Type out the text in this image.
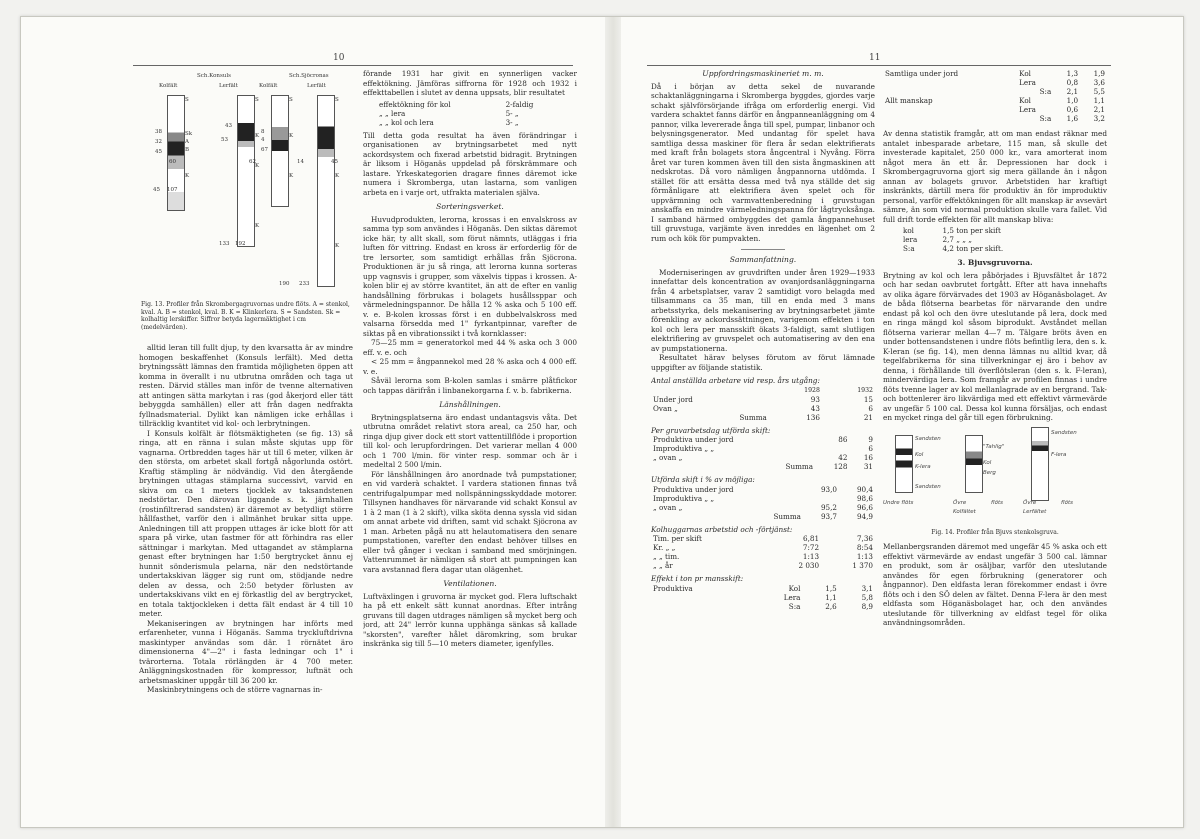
10
Sch.Konsuls	Sch.Sjöcronas
Kolfält	Lerfält	Kolfält	Lerfält
S	S	S	S
Sk
A
B
K
K
K
K	K
K
K
K
38
32
45
43
8
4
53
60
67
45
14
62	45
107
133 192
190 233
Fig. 13. Profiler från Skrombergagruvornas undre flöts. A = stenkol, kval. A. B = stenkol, kval. B. K = Klinkerlera. S = Sandsten. Sk = kolhaltig lerskiffer. Siffror betyda lagermäktighet i cm (medelvärden).

alltid leran till fullt djup, ty den kvarsatta är av mindre homogen beskaffenhet (Konsuls lerfält). Med detta brytningssätt lämnas den framtida möjligheten öppen att komma in överallt i nu utbrutna områden och taga ut resten. Därvid ställes man inför de tvenne alternativen att antingen sätta markytan i ras (god åkerjord eller tätt bebyggda samhällen) eller att från dagen nedfrakta fyllnadsmaterial. Dylikt kan nämligen icke erhållas i tillräcklig kvantitet vid kol- och lerbrytningen.

I Konsuls kolfält är flötsmäktigheten (se fig. 13) så ringa, att en ränna i sulan måste skjutas upp för vagnarna. Ortbredden tages här ut till 6 meter, vilken är den största, om arbetet skall fortgå någorlunda ostört. Kraftig stämpling är nödvändig. Vid den återgående brytningen uttagas stämplarna successivt, varvid en skiva om ca 1 meters tjocklek av taksandstenen nedstörtar. Den därovan liggande s. k. järnhallen (rostinfiltrerad sandsten) är däremot av betydligt större hållfasthet, varför den i allmänhet brukar sitta uppe. Anledningen till att proppen uttages är icke blott för att spara på virke, utan fastmer för att förhindra ras eller sättningar i markytan. Med uttagandet av stämplarna genast efter brytningen har 1:50 bergtrycket ännu ej hunnit sönderismula pelarna, när den nedstörtande undertakskivan lägger sig runt om, stödjande nedre delen av dessa, och 2:50 betyder förlusten av undertakskivans vikt en ej förkastlig del av bergtrycket, en totala taktjockleken i detta fält endast är 4 till 10 meter.

Mekaniseringen av brytningen har införts med erfarenheter, vunna i Höganäs. Samma tryckluftdrivna maskintyper användas som där. 1 rörnätet äro dimensionerna 4"—2" i fasta ledningar och 1" i tvärorterna. Totala rörlängden är 4 700 meter. Anläggningskostnaden för kompressor, luftnät och arbetsmaskiner uppgår till 36 200 kr.

Maskinbrytningens och de större vagnarnas in-

förande 1931 har givit en synnerligen vacker effektökning. Jämföras siffrorna för 1928 och 1932 i effekttabellen i slutet av denna uppsats, blir resultatet
effektökning för kol	2-faldig
„ „ lera	5- „
„ „ kol och lera	3- „
Till detta goda resultat ha även förändringar i organisationen av brytningsarbetet med nytt ackordsystem och fixerad arbetstid bidragit. Brytningen är liksom i Höganäs uppdelad på förskrämmare och lastare. Yrkeskategorien dragare finnes däremot icke numera i Skromberga, utan lastarna, som vanligen arbeta en i varje ort, utfrakta materialen själva.
Sorteringsverket.

Huvudprodukten, lerorna, krossas i en envalskross av samma typ som användes i Höganäs. Den siktas däremot icke här, ty allt skall, som förut nämnts, utläggas i fria luften för vittring. Endast en kross är erforderlig för de tre lersorter, som samtidigt erhållas från Sjöcrona. Produktionen är ju så ringa, att lerorna kunna sorteras upp vagnsvis i grupper, som växelvis tippas i krossen. A-kolen blir ej av större kvantitet, än att de efter en vanlig handsållning förbrukas i bolagets husållssppar och värmeledningspannor. De hålla 12 % aska och 5 100 eff. v. e. B-kolen krossas först i en dubbelvalskross med valsarna försedda med 1" fyrkantpinnar, varefter de siktas på en vibrationssikt i två kornklasser:

75—25 mm = generatorkol med 44 % aska och 3 000 eff. v. e. och

< 25 mm = ångpannekol med 28 % aska och 4 000 eff. v. e.

Såväl lerorna som B-kolen samlas i smärre plåtfickor och tappas därifrån i linbanekorgarna f. v. b. fabrikerna.

Länshållningen.

Brytningsplatserna äro endast undantagsvis våta. Det utbrutna området relativt stora areal, ca 250 har, och ringa djup giver dock ett stort vattentillflöde i proportion till kol- och lerupfordringen. Det varierar mellan 4 000 och 1 700 l/min. för vinter resp. sommar och är i medeltal 2 500 l/min.

För länshållningen äro anordnade två pumpstationer, en vid varderà schaktet. I vardera stationen finnas två centrifugalpumpar med nollspänningsskyddade motorer. Tillsynen handhaves för närvarande vid schakt Konsul av 1 à 2 man (1 à 2 skift), vilka sköta denna syssla vid sidan om annat arbete vid driften, samt vid schakt Sjöcrona av 1 man. Arbeten pågå nu att helautomatisera den senare pumpstationen, varefter den endast behöver tillses en eller två gånger i veckan i samband med smörjningen. Vattenrummet är nämligen så stort att pumpningen kan vara avstannad flera dagar utan olägenhet.

Ventilationen.
Luftväxlingen i gruvorna är mycket god. Flera luftschakt ha på ett enkelt sätt kunnat anordnas. Efter intrång gruvans till dagen utdrages nämligen så mycket berg och jord, att 24" lerrör kunna upphänga sänkas så kallade "skorsten", varefter hålet däromkring, som brukar inskränka sig till 5—10 meters diameter, igenfylles.
11
Uppfordringsmaskineriet m. m.
Då i början av detta sekel de nuvarande schaktanläggningarna i Skromberga byggdes, gjordes varje schakt självförsörjande ifråga om erforderlig energi. Vid vardera schaktet fanns därför en ångpanneanläggning om 4 pannor, vilka levererade ånga till spel, pumpar, linbanor och belysningsgenerator. Med undantag för spelet hava samtliga dessa maskiner för flera år sedan elektrifierats med kraft från bolagets stora ångcentral i Nyvång. Förra året var turen kommen även till den sista ångmaskinen att nedskrotas. Då voro nämligen ångpannorna utdömda. I stället för att ersätta dessa med två nya ställde det sig förmånligare att elektrifiera även spelet och för uppvärmning och varmvattenberedning i gruvstugan anskaffa en mindre värmeledningspanna för lågtrycksånga. I samband härmed ombyggdes det gamla ångpannehuset till gruvstuga, varjämte även inreddes en lägenhet om 2 rum och kök för pumpvakten.
Sammanfattning.

Moderniseringen av gruvdriften under åren 1929—1933 innefattar dels koncentration av ovanjordsanläggningarna från 4 arbetsplatser, varav 2 samtidigt voro belagda med tillsammans ca 35 man, till en enda med 3 mans arbetsstyrka, dels mekanisering av brytningsarbetet jämte förenkling av ackordssättningen, varigenom effekten i ton kol och lera per mansskift ökats 3-faldigt, samt slutligen elektrifiering av gruvspelet och automatisering av den ena av pumpstationerna.

Resultatet härav belyses förutom av förut lämnade uppgifter av följande statistik.

Antal anställda arbetare vid resp. års utgång:
	1928	1932
Under jord	93	15
Ovan „	43	6
Summa	136	21
Per gruvarbetsdag utförda skift:
Produktiva under jord	86	9
Improduktiva „ „		6
„ ovan „	42	16
Summa	128	31
Utförda skift i % av möjliga:
Produktiva under jord	93,0	90,4
Improduktiva „ „		98,6
„ ovan „	95,2	96,6
Summa	93,7	94,9
Kolhuggarnas arbetstid och -förtjänst:
Tim. per skift	6,81	7,36
Kr. „ „	7:72	8:54
„ „ tim.	1:13	1:13
„ „ år	2 030	1 370
Effekt i ton pr mansskift:
Produktiva	Kol	1,5	3,1
	Lera	1,1	5,8
	S:a	2,6	8,9
Samtliga under jord	Kol	1,3	1,9
	Lera	0,8	3,6
	S:a	2,1	5,5
Allt manskap	Kol	1,0	1,1
	Lera	0,6	2,1
	S:a	1,6	3,2
Av denna statistik framgår, att om man endast räknar med antalet inbesparade arbetare, 115 man, så skulle det investerade kapitalet, 250 000 kr., vara amorterat inom något mera än ett år. Depressionen har dock i Skrombergagruvorna gjort sig mera gällande än i någon annan av bolagets gruvor. Arbetstiden har kraftigt inskränkts, därtill mera för produktiv än för improduktiv personal, varför effektökningen för allt manskap är avsevärt sämre, än som vid normal produktion skulle vara fallet. Vid full drift torde effekten för allt manskap bliva:
kol	1,5 ton per skift
lera	2,7 „ „ „
S:a	4,2 ton per skift.
3. Bjuvsgruvorna.
Brytning av kol och lera påbörjades i Bjuvsfältet år 1872 och har sedan oavbrutet fortgått. Efter att hava innehafts av olika ägare förvärvades det 1903 av Höganäsbolaget. Av de båda flötserna bearbetas för närvarande den undre endast på kol och den övre uteslutande på lera, dock med en ringa mängd kol såsom biprodukt. Avståndet mellan flötserna varierar mellan 4—7 m. Tälgare bröts även en under bottensandstenen i undre flöts befintlig lera, den s. k. K-leran (se fig. 14), men denna lämnas nu alltid kvar, då tegelfabrikerna för sina tillverkningar ej äro i behov av denna, i förhållande till överflötsleran (den s. k. F-leran), mindervärdiga lera. Som framgår av profilen finnas i undre flöts tvenne lager av kol mellanlagrade av en bergrand. Tak- och bottenlerer äro likvärdiga med ett effektivt värmevärde av ungefär 5 100 cal. Dessa kol kunna försäljas, och endast en mycket ringa del går till egen förbrukning.
Sandsten
Kol
K-lera
Sandsten
"Tahlig"
Kol
Berg
Sandsten
F-lera
Undre flöts	Övre flöts Kolfältet
Övre flöts Lerfältet
Fig. 14. Profiler från Bjuvs stenkolsgruva.
Mellanbergsranden däremot med ungefär 45 % aska och ett effektivt värmevärde av endast ungefär 3 500 cal. lämnar en produkt, som är osäljbar, varför den uteslutande användes för egen förbrukning (generatorer och ångpannor). Den eldfasta leran förekommer endast i övre flöts och i den SÖ delen av fältet. Denna F-lera är den mest eldfasta som Höganäsbolaget har, och den användes uteslutande för tillverkning av eldfast tegel för olika användningsområden.
